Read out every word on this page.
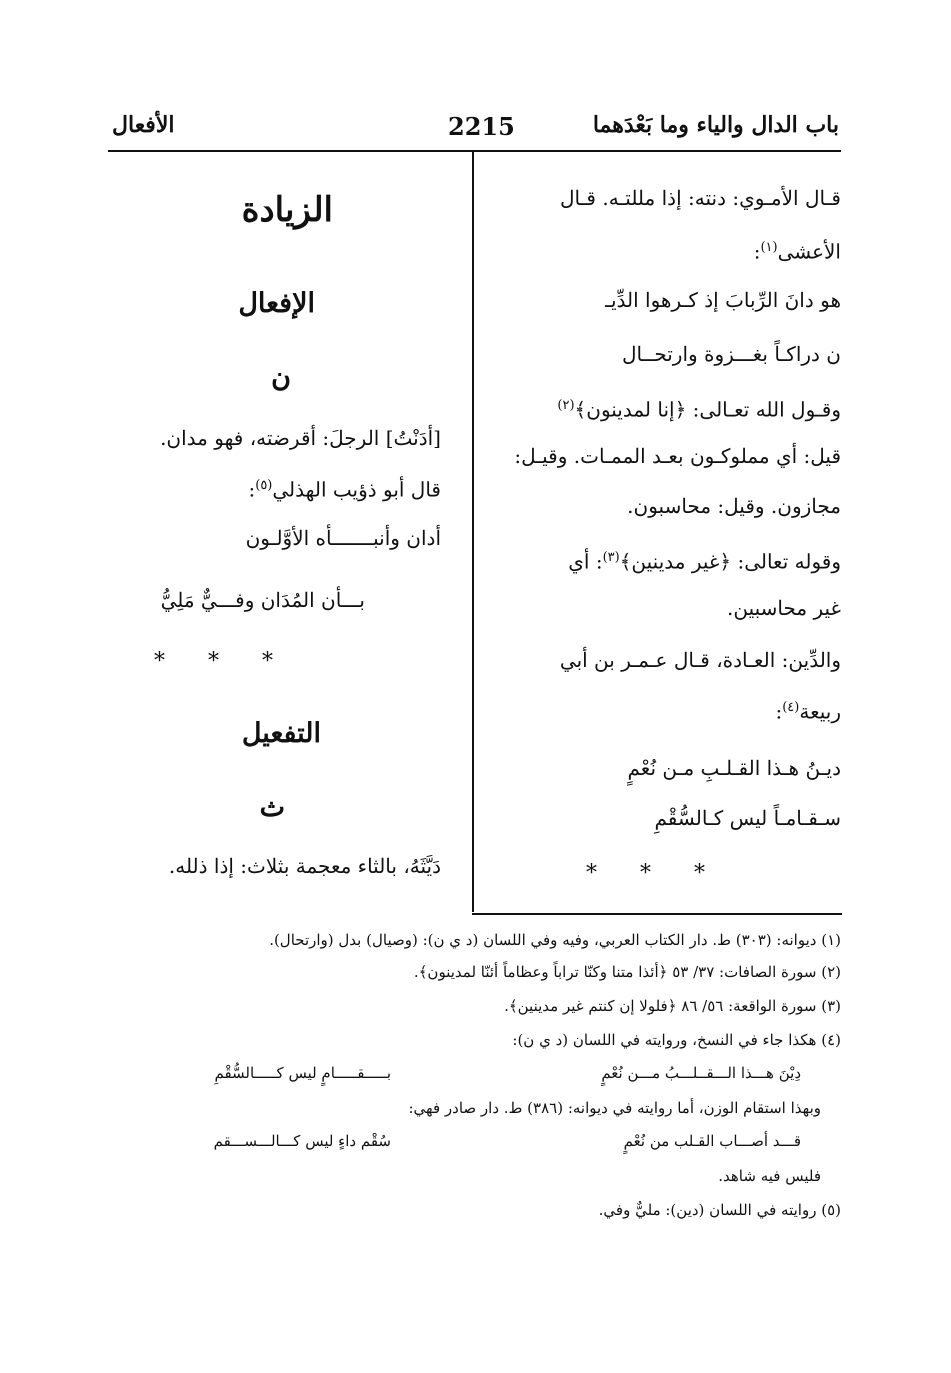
باب الدال والياء وما بَعْدَهما
2215
الأفعال
قـال الأمـوي: دنته: إذا مللتـه. قـال
الأعشى$^{(١)}$:
هو دانَ الرِّبابَ إذ كـرهوا الدِّيـ
ن دراكـاً بغـــزوة وارتحــال
وقـول الله تعـالى: ﴿إنا لمدينون﴾$^{(٢)}$
قيل: أي مملوكـون بعـد الممـات. وقيـل:
مجازون. وقيل: محاسبون.
وقوله تعالى: ﴿غير مدينين﴾$^{(٣)}$: أي
غير محاسبين.
والدِّين: العـادة، قـال عـمـر بن أبي
ربيعة$^{(٤)}$:
ديـنُ هـذا القـلـبِ مـن نُعْمٍ
سـقـامـاً ليس كـالسُّقْمِ
* * *
الزيادة
الإفعال
ن
[أدَنْتُ] الرجلَ: أقرضته، فهو مدان.
قال أبو ذؤيب الهذلي$^{(٥)}$:
أدان وأنبـــــــأه الأوَّلـون
بـــأن المُدَان وفـــيٌّ مَلِيُّ
* * *
التفعيل
ث
دَيَّثَهُ، بالثاء معجمة بثلاث: إذا ذلله.
(١) ديوانه: (٣٠٣) ط. دار الكتاب العربي، وفيه وفي اللسان (د ي ن): (وصيال) بدل (وارتحال).
(٢) سورة الصافات: ٣٧/ ٥٣ ﴿أئذا متنا وكنّا تراباً وعظاماً أئنّا لمدينون﴾.
(٣) سورة الواقعة: ٥٦/ ٨٦ ﴿فلولا إن كنتم غير مدينين﴾.
(٤) هكذا جاء في النسخ، وروايته في اللسان (د ي ن):
دِيْنَ هـــذا الـــقــلـــبُ مـــن نُعْمٍ
بـــــقـــــامٍ ليس كـــــالسُّقْمِ
وبهذا استقام الوزن، أما روايته في ديوانه: (٣٨٦) ط. دار صادر فهي:
قـــد أصـــاب القـلب من نُعْمٍ
سُقْم داءٍ ليس كـــالـــســـقم
فليس فيه شاهد.
(٥) روايته في اللسان (دين): مليٌّ وفي.
